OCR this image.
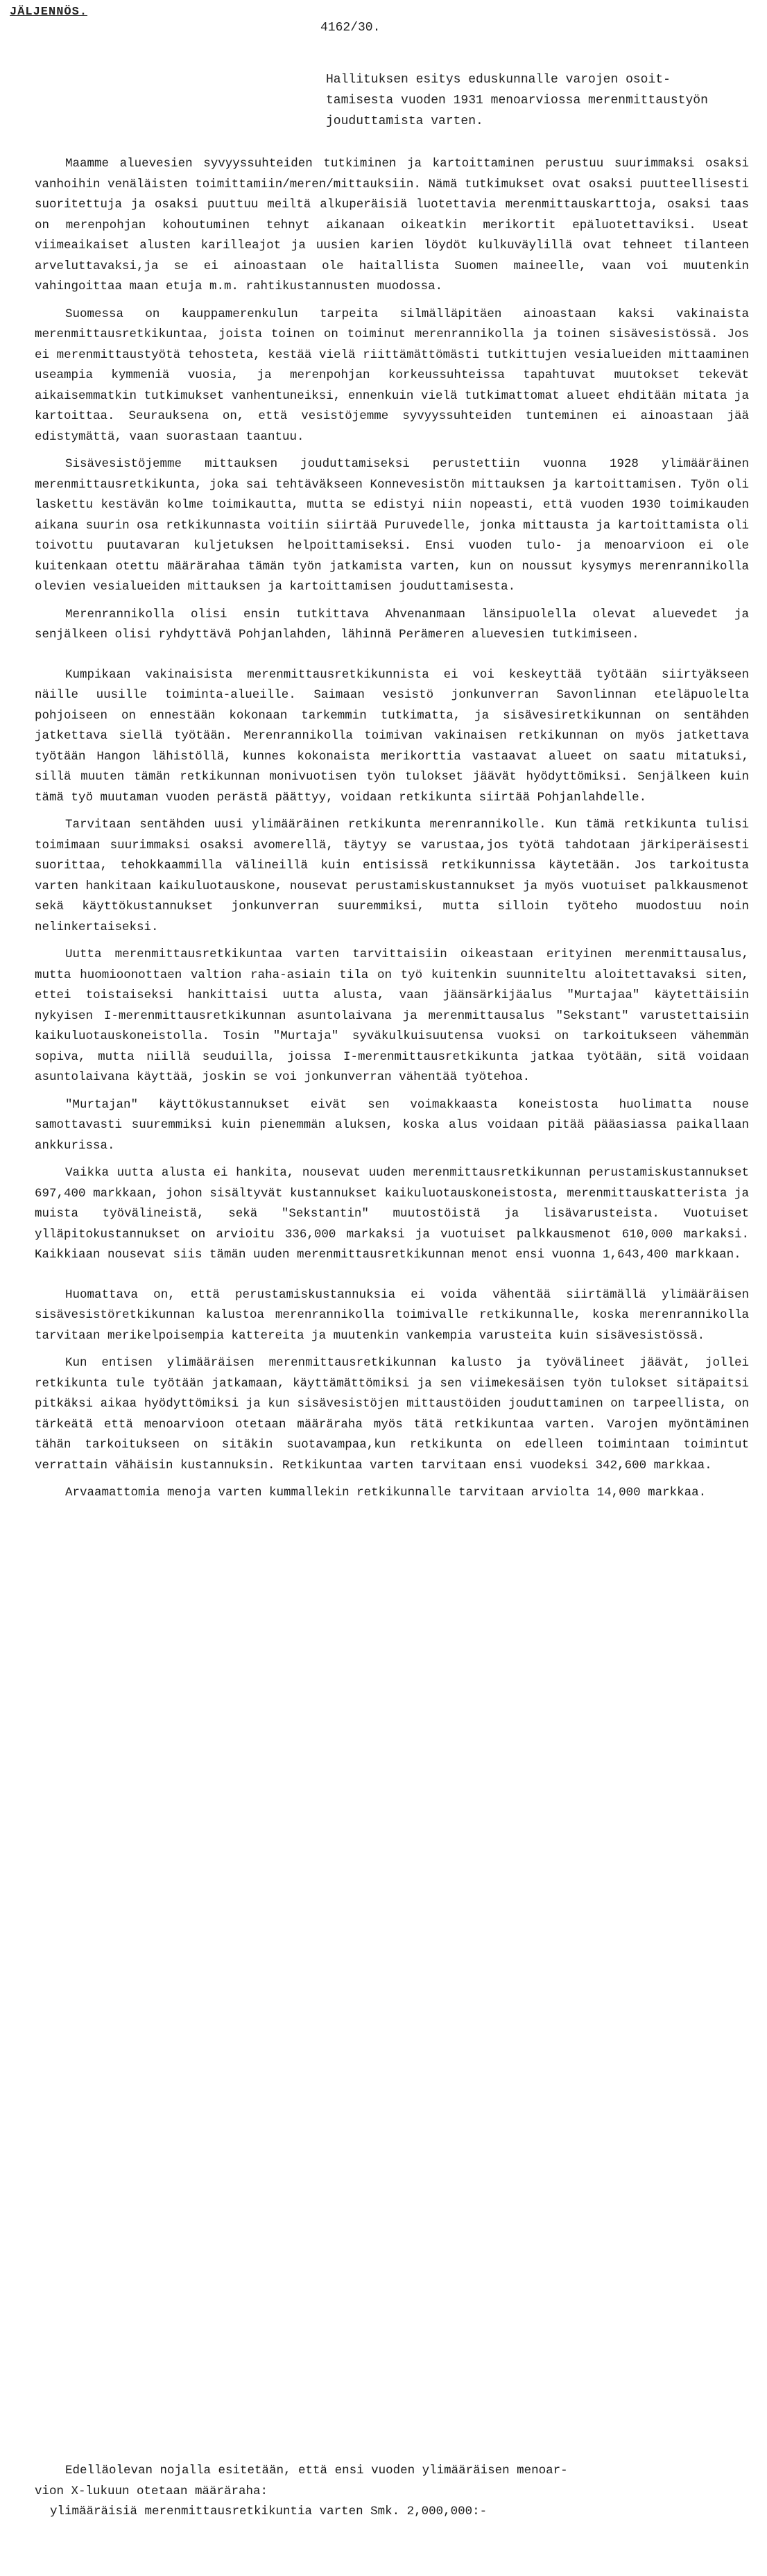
JÄLJENNÖS.
4162/30.

Hallituksen esitys eduskunnalle varojen osoit-

tamisesta vuoden 1931 menoarviossa merenmittaustyön

jouduttamista varten.

Maamme aluevesien syvyyssuhteiden tutkiminen ja kartoittaminen perustuu suurimmaksi osaksi vanhoihin venäläisten toimittamiin/meren/mittauksiin. Nämä tutkimukset ovat osaksi puutteellisesti suoritettuja ja osaksi puuttuu meiltä alkuperäisiä luotettavia merenmittauskarttoja, osaksi taas on merenpohjan kohoutuminen tehnyt aikanaan oikeatkin merikortit epäluotettaviksi. Useat viimeaikaiset alusten karilleajot ja uusien karien löydöt kulkuväylillä ovat tehneet tilanteen arveluttavaksi,ja se ei ainoastaan ole haitallista Suomen maineelle, vaan voi muutenkin vahingoittaa maan etuja m.m. rahtikustannusten muodossa.

Suomessa on kauppamerenkulun tarpeita silmälläpitäen ainoastaan kaksi vakinaista merenmittausretkikuntaa, joista toinen on toiminut merenrannikolla ja toinen sisävesistössä. Jos ei merenmittaustyötä tehosteta, kestää vielä riittämättömästi tutkittujen vesialueiden mittaaminen useampia kymmeniä vuosia, ja merenpohjan korkeussuhteissa tapahtuvat muutokset tekevät aikaisemmatkin tutkimukset vanhentuneiksi, ennenkuin vielä tutkimattomat alueet ehditään mitata ja kartoittaa. Seurauksena on, että vesistöjemme syvyyssuhteiden tunteminen ei ainoastaan jää edistymättä, vaan suorastaan taantuu.

Sisävesistöjemme mittauksen jouduttamiseksi perustettiin vuonna 1928 ylimääräinen merenmittausretkikunta, joka sai tehtäväkseen Konnevesistön mittauksen ja kartoittamisen. Työn oli laskettu kestävän kolme toimikautta, mutta se edistyi niin nopeasti, että vuoden 1930 toimikauden aikana suurin osa retkikunnasta voitiin siirtää Puruvedelle, jonka mittausta ja kartoittamista oli toivottu puutavaran kuljetuksen helpoittamiseksi. Ensi vuoden tulo- ja menoarvioon ei ole kuitenkaan otettu määrärahaa tämän työn jatkamista varten, kun on noussut kysymys merenrannikolla olevien vesialueiden mittauksen ja kartoittamisen jouduttamisesta.

Merenrannikolla olisi ensin tutkittava Ahvenanmaan länsipuolella olevat aluevedet ja senjälkeen olisi ryhdyttävä Pohjanlahden, lähinnä Perämeren aluevesien tutkimiseen.

Kumpikaan vakinaisista merenmittausretkikunnista ei voi keskeyttää työtään siirtyäkseen näille uusille toiminta-alueille. Saimaan vesistö jonkunverran Savonlinnan eteläpuolelta pohjoiseen on ennestään kokonaan tarkemmin tutkimatta, ja sisävesiretkikunnan on sentähden jatkettava siellä työtään. Merenrannikolla toimivan vakinaisen retkikunnan on myös jatkettava työtään Hangon lähistöllä, kunnes kokonaista merikorttia vastaavat alueet on saatu mitatuksi, sillä muuten tämän retkikunnan monivuotisen työn tulokset jäävät hyödyttömiksi. Senjälkeen kuin tämä työ muutaman vuoden perästä päättyy, voidaan retkikunta siirtää Pohjanlahdelle.

Tarvitaan sentähden uusi ylimääräinen retkikunta merenrannikolle. Kun tämä retkikunta tulisi toimimaan suurimmaksi osaksi avomerellä, täytyy se varustaa,jos työtä tahdotaan järkiperäisesti suorittaa, tehokkaammilla välineillä kuin entisissä retkikunnissa käytetään. Jos tarkoitusta varten hankitaan kaikuluotauskone, nousevat perustamiskustannukset ja myös vuotuiset palkkausmenot sekä käyttökustannukset jonkunverran suuremmiksi, mutta silloin työteho muodostuu noin nelinkertaiseksi.

Uutta merenmittausretkikuntaa varten tarvittaisiin oikeastaan erityinen merenmittausalus, mutta huomioonottaen valtion raha-asiain tila on työ kuitenkin suunniteltu aloitettavaksi siten, ettei toistaiseksi hankittaisi uutta alusta, vaan jäänsärkijäalus "Murtajaa" käytettäisiin nykyisen I-merenmittausretkikunnan asuntolaivana ja merenmittausalus "Sekstant" varustettaisiin kaikuluotauskoneistolla. Tosin "Murtaja" syväkulkuisuutensa vuoksi on tarkoitukseen vähemmän sopiva, mutta niillä seuduilla, joissa I-merenmittausretkikunta jatkaa työtään, sitä voidaan asuntolaivana käyttää, joskin se voi jonkunverran vähentää työtehoa.

"Murtajan" käyttökustannukset eivät sen voimakkaasta koneistosta huolimatta nouse samottavasti suuremmiksi kuin pienemmän aluksen, koska alus voidaan pitää pääasiassa paikallaan ankkurissa.

Vaikka uutta alusta ei hankita, nousevat uuden merenmittausretkikunnan perustamiskustannukset 697,400 markkaan, johon sisältyvät kustannukset kaikuluotauskoneistosta, merenmittauskatterista ja muista työvälineistä, sekä "Sekstantin" muutostöistä ja lisävarusteista. Vuotuiset ylläpitokustannukset on arvioitu 336,000 markaksi ja vuotuiset palkkausmenot 610,000 markaksi. Kaikkiaan nousevat siis tämän uuden merenmittausretkikunnan menot ensi vuonna 1,643,400 markkaan.

Huomattava on, että perustamiskustannuksia ei voida vähentää siirtämällä ylimääräisen sisävesistöretkikunnan kalustoa merenrannikolla toimivalle retkikunnalle, koska merenrannikolla tarvitaan merikelpoisempia kattereita ja muutenkin vankempia varusteita kuin sisävesistössä.

Kun entisen ylimääräisen merenmittausretkikunnan kalusto ja työvälineet jäävät, jollei retkikunta tule työtään jatkamaan, käyttämättömiksi ja sen viimekesäisen työn tulokset sitäpaitsi pitkäksi aikaa hyödyttömiksi ja kun sisävesistöjen mittaustöiden jouduttaminen on tarpeellista, on tärkeätä että menoarvioon otetaan määräraha myös tätä retkikuntaa varten. Varojen myöntäminen tähän tarkoitukseen on sitäkin suotavampaa,kun retkikunta on edelleen toimintaan toimintut verrattain vähäisin kustannuksin. Retkikuntaa varten tarvitaan ensi vuodeksi 342,600 markkaa.

Arvaamattomia menoja varten kummallekin retkikunnalle tarvitaan arviolta 14,000 markkaa.

Edelläolevan nojalla esitetään, että ensi vuoden ylimääräisen menoar-

vion X-lukuun otetaan määräraha:

ylimääräisiä merenmittausretkikuntia varten Smk. 2,000,000:-
